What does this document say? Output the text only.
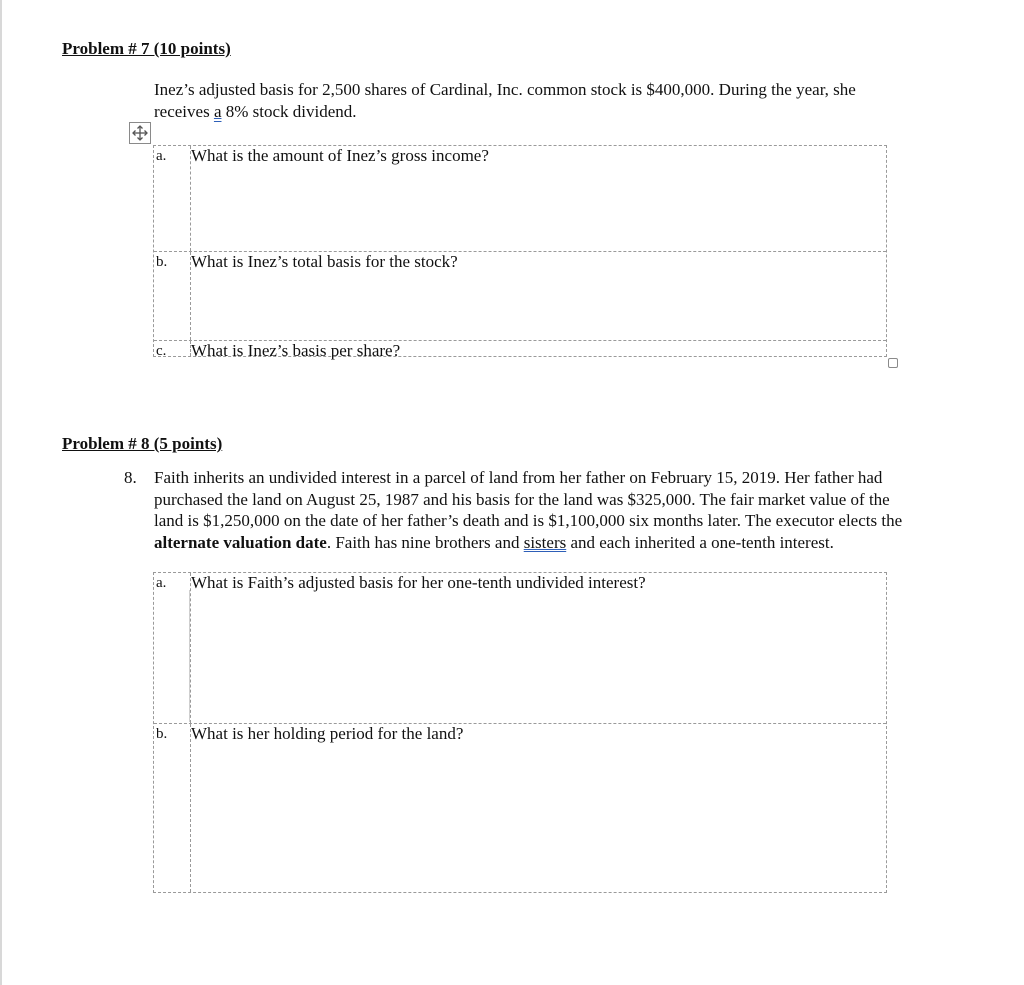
Problem # 7 (10 points)
Inez’s adjusted basis for 2,500 shares of Cardinal, Inc. common stock is $400,000. During the year, she
receives a 8% stock dividend.
a. What is the amount of Inez’s gross income?
b. What is Inez’s total basis for the stock?
c. What is Inez’s basis per share?
Problem # 8 (5 points)
8. Faith inherits an undivided interest in a parcel of land from her father on February 15, 2019. Her father had
purchased the land on August 25, 1987 and his basis for the land was $325,000. The fair market value of the
land is $1,250,000 on the date of her father’s death and is $1,100,000 six months later. The executor elects the
alternate valuation date. Faith has nine brothers and sisters and each inherited a one-tenth interest.
a. What is Faith’s adjusted basis for her one-tenth undivided interest?
b. What is her holding period for the land?
